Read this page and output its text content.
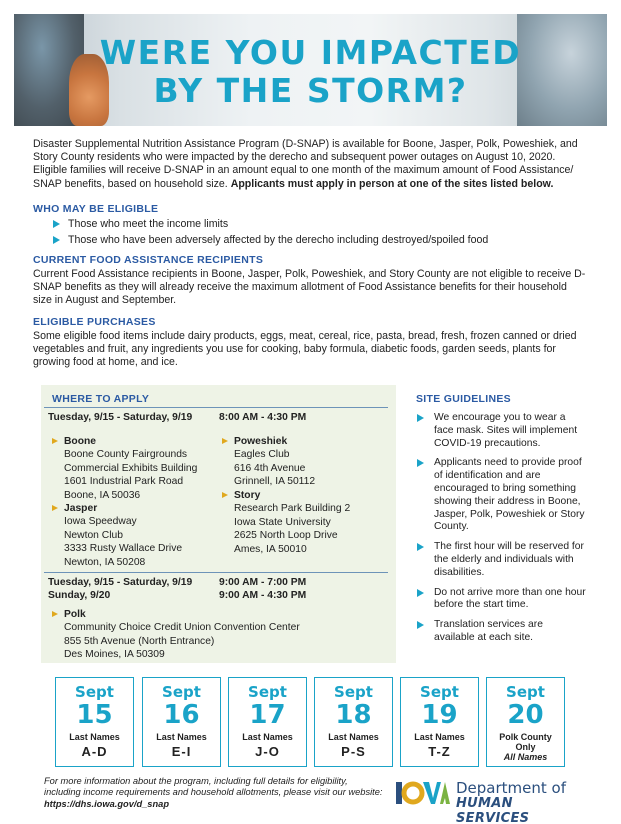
WERE YOU IMPACTED
BY THE STORM?

Disaster Supplemental Nutrition Assistance Program (D-SNAP) is available for Boone, Jasper, Polk, Poweshiek, and Story County residents who were impacted by the derecho and subsequent power outages on August 10, 2020. Eligible families will receive D-SNAP in an amount equal to one month of the maximum amount of Food Assistance/ SNAP benefits, based on household size. Applicants must apply in person at one of the sites listed below.

WHO MAY BE ELIGIBLE
Those who meet the income limits
Those who have been adversely affected by the derecho including destroyed/spoiled food
CURRENT FOOD ASSISTANCE RECIPIENTS

Current Food Assistance recipients in Boone, Jasper, Polk, Poweshiek, and Story County are not eligible to receive D-SNAP benefits as they will already receive the maximum allotment of Food Assistance benefits for their household size in August and September.

ELIGIBLE PURCHASES

Some eligible food items include dairy products, eggs, meat, cereal, rice, pasta, bread, fresh, frozen canned or dried vegetables and fruit, any ingredients you use for cooking, baby formula, diabetic foods, garden seeds, plants for growing food at home, and ice.

WHERE TO APPLY
Tuesday, 9/15 - Saturday, 9/19	8:00 AM - 4:30 PM
Boone
Boone County Fairgrounds
Commercial Exhibits Building
1601 Industrial Park Road
Boone, IA 50036
Jasper
Iowa Speedway
Newton Club
3333 Rusty Wallace Drive
Newton, IA 50208
Poweshiek
Eagles Club
616 4th Avenue
Grinnell, IA 50112
Story
Research Park Building 2
Iowa State University
2625 North Loop Drive
Ames, IA 50010
Tuesday, 9/15 - Saturday, 9/19	9:00 AM - 7:00 PM
Sunday, 9/20	9:00 AM - 4:30 PM
Polk
Community Choice Credit Union Convention Center
855 5th Avenue (North Entrance)
Des Moines, IA 50309
SITE GUIDELINES
We encourage you to wear a face mask. Sites will implement COVID-19 precautions.
Applicants need to provide proof of identification and are encouraged to bring something showing their address in Boone, Jasper, Polk, Poweshiek or Story County.
The first hour will be reserved for the elderly and individuals with disabilities.
Do not arrive more than one hour before the start time.
Translation services are available at each site.
Sept
15
Last Names
A-D
Sept
16
Last Names
E-I
Sept
17
Last Names
J-O
Sept
18
Last Names
P-S
Sept
19
Last Names
T-Z
Sept
20
Polk County Only
All Names

For more information about the program, including full details for eligibility, including income requirements and household allotments, please visit our website: https://dhs.iowa.gov/d_snap

Department of
HUMAN SERVICES
